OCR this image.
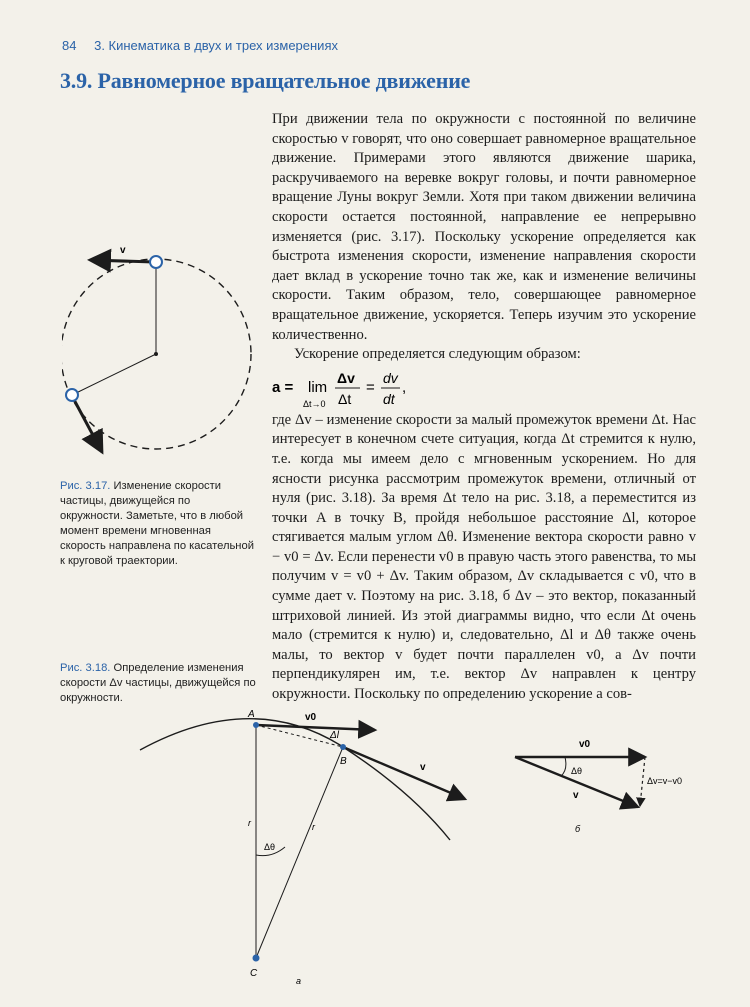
84 3. Кинематика в двух и трех измерениях
3.9. Равномерное вращательное движение

При движении тела по окружности с постоянной по величине скоростью v говорят, что оно совершает равномерное вращательное движение. Примерами этого являются движение шарика, раскручиваемого на веревке вокруг головы, и почти равномерное вращение Луны вокруг Земли. Хотя при таком движении величина скорости остается постоянной, направление ее непрерывно изменяется (рис. 3.17). Поскольку ускорение определяется как быстрота изменения скорости, изменение направления скорости дает вклад в ускорение точно так же, как и изменение величины скорости. Таким образом, тело, совершающее равномерное вращательное движение, ускоряется. Теперь изучим это ускорение количественно.

Ускорение определяется следующим образом:

a = lim
Δt→0
Δv
Δt
=
dv
dt
,

где Δv – изменение скорости за малый промежуток времени Δt. Нас интересует в конечном счете ситуация, когда Δt стремится к нулю, т.е. когда мы имеем дело с мгновенным ускорением. Но для ясности рисунка рассмотрим промежуток времени, отличный от нуля (рис. 3.18). За время Δt тело на рис. 3.18, а переместится из точки A в точку B, пройдя небольшое расстояние Δl, которое стягивается малым углом Δθ. Изменение вектора скорости равно v − v0 = Δv. Если перенести v0 в правую часть этого равенства, то мы получим v = v0 + Δv. Таким образом, Δv складывается с v0, что в сумме дает v. Поэтому на рис. 3.18, б Δv – это вектор, показанный штриховой линией. Из этой диаграммы видно, что если Δt очень мало (стремится к нулю) и, следовательно, Δl и Δθ также очень малы, то вектор v будет почти параллелен v0, а Δv почти перпендикулярен им, т.е. вектор Δv направлен к центру окружности. Поскольку по определению ускорение a сов-

v
Рис. 3.17. Изменение скорости частицы, движущейся по окружности. Заметьте, что в любой момент времени мгновенная скорость направлена по касательной к круговой траектории.
Рис. 3.18. Определение изменения скорости Δv частицы, движущейся по окружности.
A
B
C
v0
Δl
v
r	r
Δθ
а
v0
Δθ
v
Δv=v−v0
б
